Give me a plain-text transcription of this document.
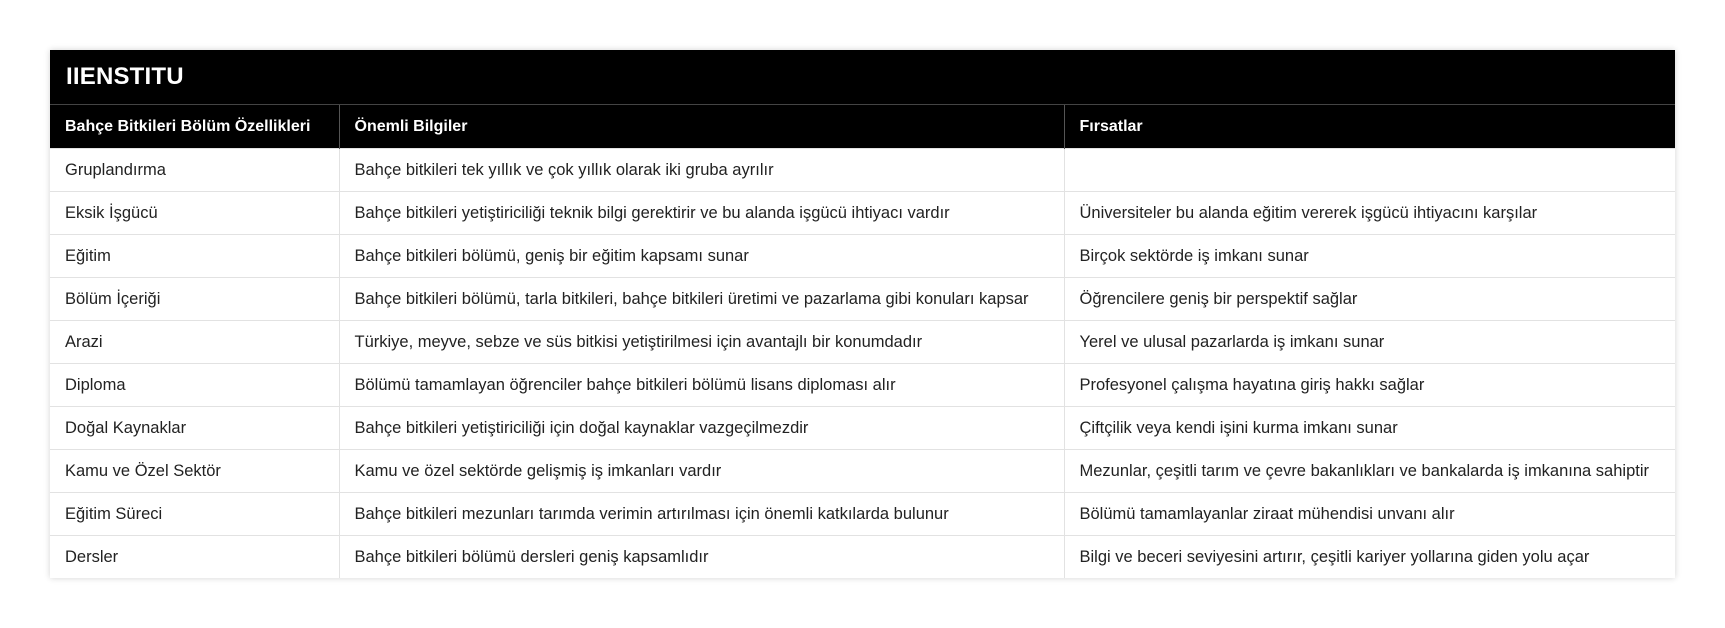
IIENSTITU
Bahçe Bitkileri Bölüm Özellikleri	Önemli Bilgiler	Fırsatlar
Gruplandırma	Bahçe bitkileri tek yıllık ve çok yıllık olarak iki gruba ayrılır	
Eksik İşgücü	Bahçe bitkileri yetiştiriciliği teknik bilgi gerektirir ve bu alanda işgücü ihtiyacı vardır	Üniversiteler bu alanda eğitim vererek işgücü ihtiyacını karşılar
Eğitim	Bahçe bitkileri bölümü, geniş bir eğitim kapsamı sunar	Birçok sektörde iş imkanı sunar
Bölüm İçeriği	Bahçe bitkileri bölümü, tarla bitkileri, bahçe bitkileri üretimi ve pazarlama gibi konuları kapsar	Öğrencilere geniş bir perspektif sağlar
Arazi	Türkiye, meyve, sebze ve süs bitkisi yetiştirilmesi için avantajlı bir konumdadır	Yerel ve ulusal pazarlarda iş imkanı sunar
Diploma	Bölümü tamamlayan öğrenciler bahçe bitkileri bölümü lisans diploması alır	Profesyonel çalışma hayatına giriş hakkı sağlar
Doğal Kaynaklar	Bahçe bitkileri yetiştiriciliği için doğal kaynaklar vazgeçilmezdir	Çiftçilik veya kendi işini kurma imkanı sunar
Kamu ve Özel Sektör	Kamu ve özel sektörde gelişmiş iş imkanları vardır	Mezunlar, çeşitli tarım ve çevre bakanlıkları ve bankalarda iş imkanına sahiptir
Eğitim Süreci	Bahçe bitkileri mezunları tarımda verimin artırılması için önemli katkılarda bulunur	Bölümü tamamlayanlar ziraat mühendisi unvanı alır
Dersler	Bahçe bitkileri bölümü dersleri geniş kapsamlıdır	Bilgi ve beceri seviyesini artırır, çeşitli kariyer yollarına giden yolu açar
